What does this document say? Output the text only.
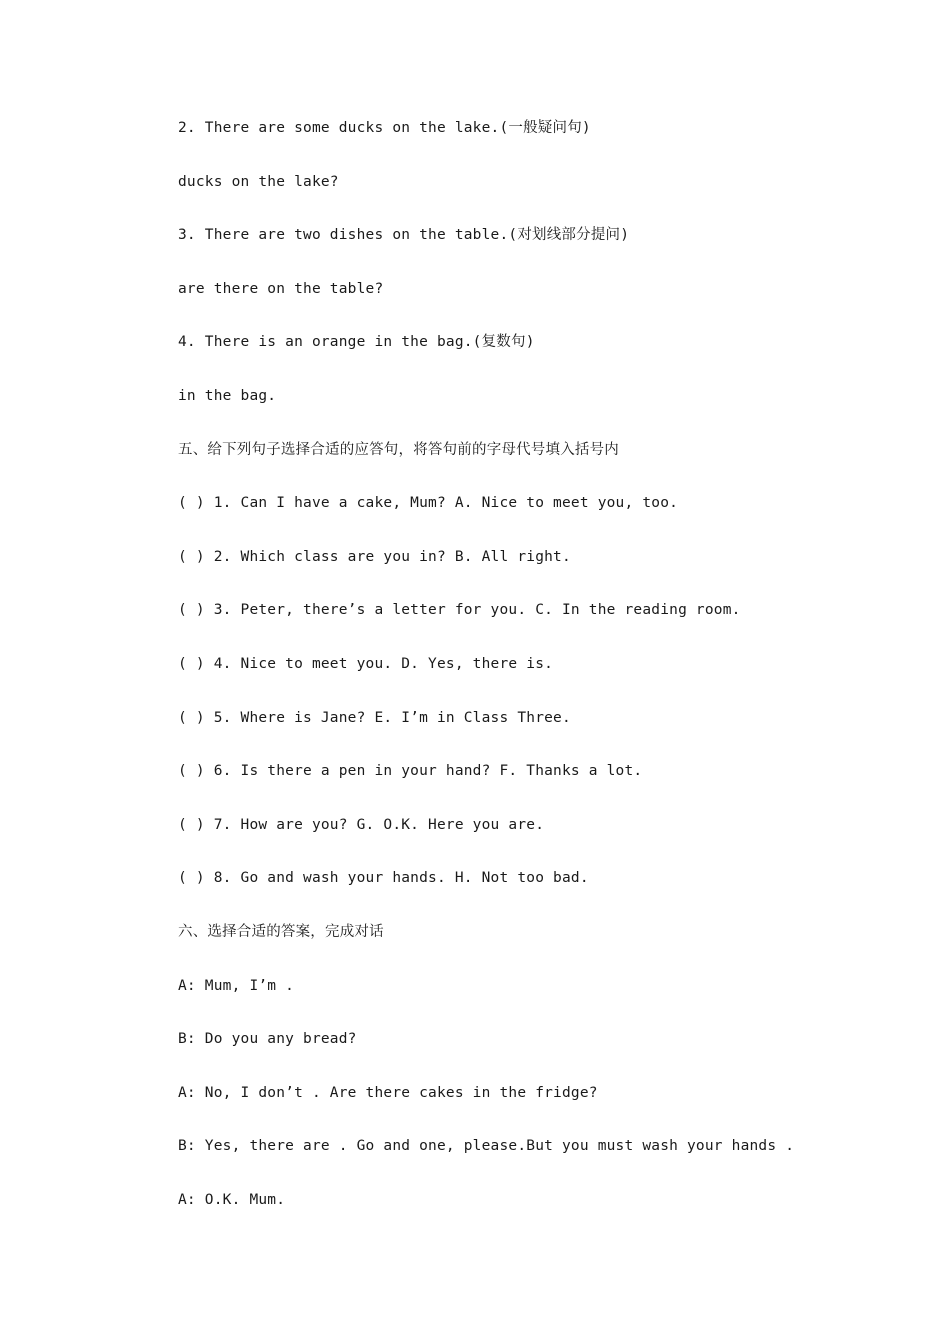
2. There are some ducks on the lake.(一般疑问句)
ducks on the lake?
3. There are two dishes on the table.(对划线部分提问)
are there on the table?
4. There is an orange in the bag.(复数句)
in the bag.
五、给下列句子选择合适的应答句，将答句前的字母代号填入括号内
( ) 1. Can I have a cake, Mum? A. Nice to meet you, too.
( ) 2. Which class are you in? B. All right.
( ) 3. Peter, there’s a letter for you. C. In the reading room.
( ) 4. Nice to meet you. D. Yes, there is.
( ) 5. Where is Jane? E. I’m in Class Three.
( ) 6. Is there a pen in your hand? F. Thanks a lot.
( ) 7. How are you? G. O.K. Here you are.
( ) 8. Go and wash your hands. H. Not too bad.
六、选择合适的答案，完成对话
A: Mum, I’m .
B: Do you any bread?
A: No, I don’t . Are there cakes in the fridge?
B: Yes, there are . Go and one, please.But you must wash your hands .
A: O.K. Mum.
